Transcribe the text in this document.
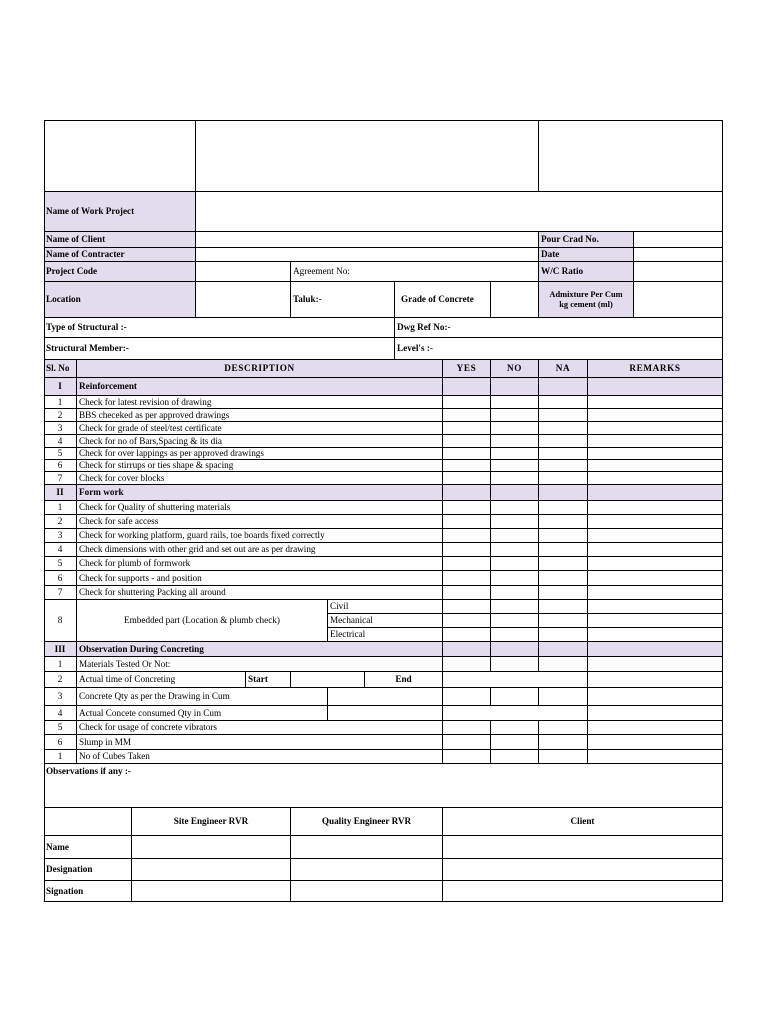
Name of Work Project
Name of Client	Pour Crad No.
Name of Contracter	Date
Project Code	Agreement No:	W/C Ratio
Location	Taluk:-	Grade of Concrete	Admixture Per Cum
kg cement (ml)
Type of Structural :-	Dwg Ref No:-
Structural Member:-	Level's :-
Sl. No	DESCRIPTION	YES	NO	NA	REMARKS
I	Reinforcement
1	Check for latest revision of drawing
2	BBS checeked as per approved drawings
3	Check for grade of steel/test certificate
4	Check for no of Bars,Spacing & its dia
5	Check for over lappings as per approved drawings
6	Check for stirrups or ties shape & spacing
7	Check for cover blocks
II	Form work
1	Check for Quality of shuttering materials
2	Check for safe access
3	Check for working platform, guard rails, toe boards fixed correctly
4	Check dimensions with other grid and set out are as per drawing
5	Check for plumb of formwork
6	Check for supports - and position
7	Check for shuttering Packing all around
8	Embedded part (Location & plumb check)
Civil
Mechanical
Electrical
III	Observation During Concreting
1	Materials Tested Or Not:
2	Actual time of Concreting	Start	End
3	Concrete Qty as per the Drawing in Cum
4	Actual Concete consumed Qty in Cum
5	Check for usage of concrete vibrators
6	Slump in MM
1	No of Cubes Taken
Observations if any :-
Site Engineer RVR	Quality Engineer RVR	Client
Name
Designation
Signation
